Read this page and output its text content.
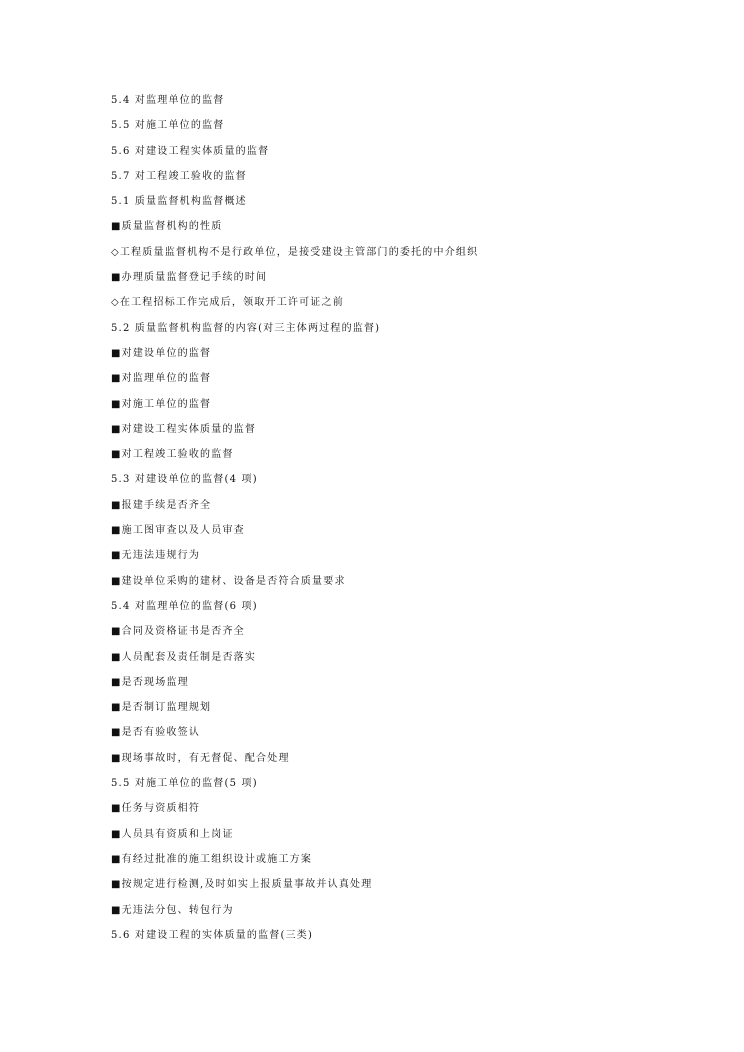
5.4 对监理单位的监督
5.5 对施工单位的监督
5.6 对建设工程实体质量的监督
5.7 对工程竣工验收的监督
5.1 质量监督机构监督概述
■质量监督机构的性质
◇工程质量监督机构不是行政单位，是接受建设主管部门的委托的中介组织
■办理质量监督登记手续的时间
◇在工程招标工作完成后，领取开工许可证之前
5.2 质量监督机构监督的内容(对三主体两过程的监督)
■对建设单位的监督
■对监理单位的监督
■对施工单位的监督
■对建设工程实体质量的监督
■对工程竣工验收的监督
5.3 对建设单位的监督(4 项)
■报建手续是否齐全
■施工图审查以及人员审查
■无违法违规行为
■建设单位采购的建材、设备是否符合质量要求
5.4 对监理单位的监督(6 项)
■合同及资格证书是否齐全
■人员配套及责任制是否落实
■是否现场监理
■是否制订监理规划
■是否有验收签认
■现场事故时，有无督促、配合处理
5.5 对施工单位的监督(5 项)
■任务与资质相符
■人员具有资质和上岗证
■有经过批准的施工组织设计或施工方案
■按规定进行检测,及时如实上报质量事故并认真处理
■无违法分包、转包行为
5.6 对建设工程的实体质量的监督(三类)
